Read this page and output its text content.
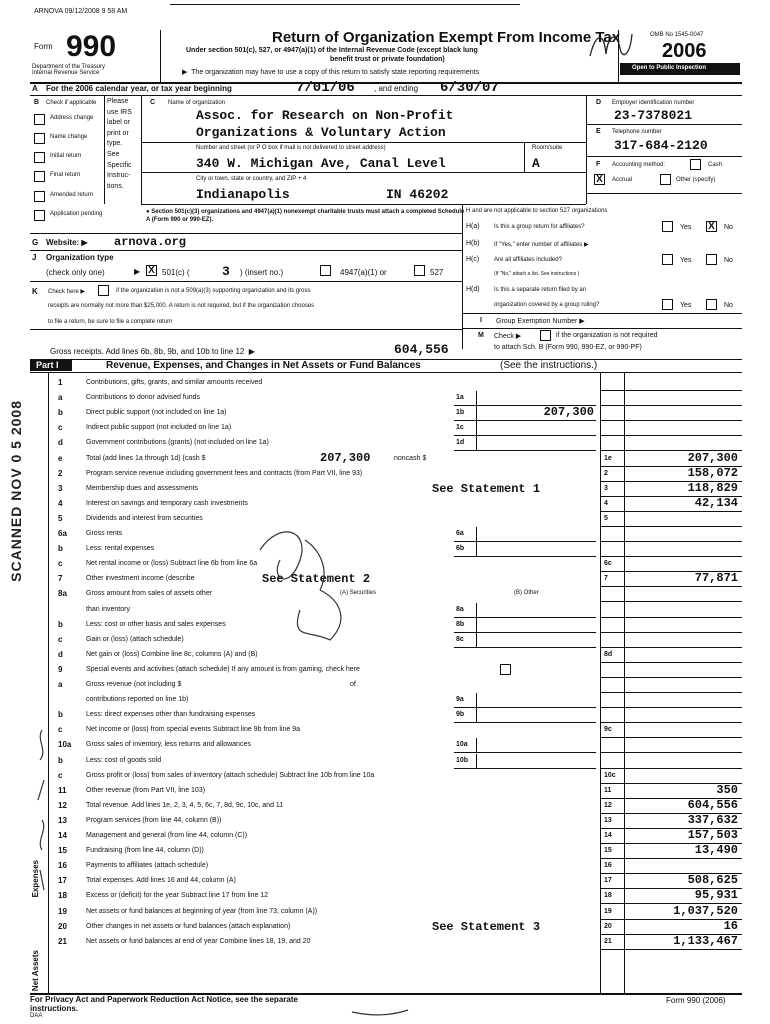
ARNOVA 09/12/2008 9 58 AM
Form 990
Department of the Treasury
Internal Revenue Service
Return of Organization Exempt From Income Tax
Under section 501(c), 527, or 4947(a)(1) of the Internal Revenue Code (except black lung
benefit trust or private foundation)
▶  The organization may have to use a copy of this return to satisfy state reporting requirements
OMB No 1545-0047
2006
Open to Public Inspection
A For the 2006 calendar year, or tax year beginning	7/01/06 , and ending 6/30/07
B Check if applicable
Address change
Name change
Initial return
Final return
Amended return
Application pending
Please
use IRS
label or
print or
type.
See
Specific
Instruc-
tions.
C Name of organization
Assoc. for Research on Non-Profit
Organizations & Voluntary Action
Number and street (or P O box if mail is not delivered to street address)	Room/suite
340 W. Michigan Ave, Canal Level	A
City or town, state or country, and ZIP + 4
Indianapolis	IN 46202
D Employer identification number
23-7378021
E Telephone number
317-684-2120
F Accounting method:	Cash
X	Accrual	Other (specify)
● Section 501(c)(3) organizations and 4947(a)(1) nonexempt charitable trusts must attach a completed Schedule A (Form 990 or 990-EZ).
H and are not applicable to section 527 organizations
H(a) Is this a group return for affiliates?	Yes X	No
H(b) If "Yes," enter number of affiliates ▶
H(c) Are all affiliates included?	Yes	No
(If "No," attach a list. See instructions )
H(d) Is this a separate return filed by an
organization covered by a group ruling?	Yes	No
I Group Exemption Number ▶
M Check ▶	if the organization is not required
to attach Sch. B (Form 990, 990-EZ, or 990-PF)
G Website: ▶ arnova.org
J Organization type
(check only one)	▶ X 501(c) ( 3 ) (insert no.)	4947(a)(1) or	527
K Check here ▶	if the organization is not a 509(a)(3) supporting organization and its gross
receipts are normally not more than $25,000. A return is not required, but if the organization chooses
to file a return, be sure to file a complete return
Gross receipts. Add lines 6b, 8b, 9b, and 10b to line 12  ▶	604,556
Part I	Revenue, Expenses, and Changes in Net Assets or Fund Balances	(See the instructions.)
Expenses
Net Assets
1	Contributions, gifts, grants, and similar amounts received
a	Contributions to donor advised funds	1a
b	Direct public support (not included on line 1a)	1b	207,300
c	Indirect public support (not included on line 1a)	1c
d	Government contributions (grants) (not included on line 1a)	1d
e	Total (add lines 1a through 1d) (cash $	207,300	noncash $	1e	207,300
2	Program service revenue including government fees and contracts (from Part VII, line 93)	2	158,072
3	Membership dues and assessments	See Statement 1	3	118,829
4	Interest on savings and temporary cash investments	4	42,134
5	Dividends and interest from securities	5
6a	Gross rents	6a
b	Less: rental expenses	6b
c	Net rental income or (loss) Subtract line 6b from line 6a	6c
7	Other investment income (describe	See Statement 2	7	77,871
8a	Gross amount from sales of assets other	(A) Securities	(B) Other
than inventory	8a
b	Less: cost or other basis and sales expenses	8b
c	Gain or (loss) (attach schedule)	8c
d	Net gain or (loss) Combine line 8c, columns (A) and (B)	8d
9	Special events and activities (attach schedule) If any amount is from gaming, check here
a	Gross revenue (not including $	of
contributions reported on line 1b)	9a
b	Less: direct expenses other than fundraising expenses	9b
c	Net income or (loss) from special events Subtract line 9b from line 9a	9c
10a Gross sales of inventory, less returns and allowances	10a
b	Less: cost of goods sold	10b
c	Gross profit or (loss) from sales of inventory (attach schedule) Subtract line 10b from line 10a	10c
11	Other revenue (from Part VII, line 103)	11	350
12	Total revenue. Add lines 1e, 2, 3, 4, 5, 6c, 7, 8d, 9c, 10c, and 11	12	604,556
13	Program services (from line 44, column (B))	13	337,632
14	Management and general (from line 44, column (C))	14	157,503
15	Fundraising (from line 44, column (D))	15	13,490
16	Payments to affiliates (attach schedule)	16
17	Total expenses. Add lines 16 and 44, column (A)	17	508,625
18	Excess or (deficit) for the year Subtract line 17 from line 12	18	95,931
19	Net assets or fund balances at beginning of year (from line 73, column (A))	19	1,037,520
20	Other changes in net assets or fund balances (attach explanation)	See Statement 3	20	16
21	Net assets or fund balances at end of year Combine lines 18, 19, and 20	21	1,133,467
For Privacy Act and Paperwork Reduction Act Notice, see the separate
instructions.
DAA
Form 990 (2006)
SCANNED NOV 0 5 2008
